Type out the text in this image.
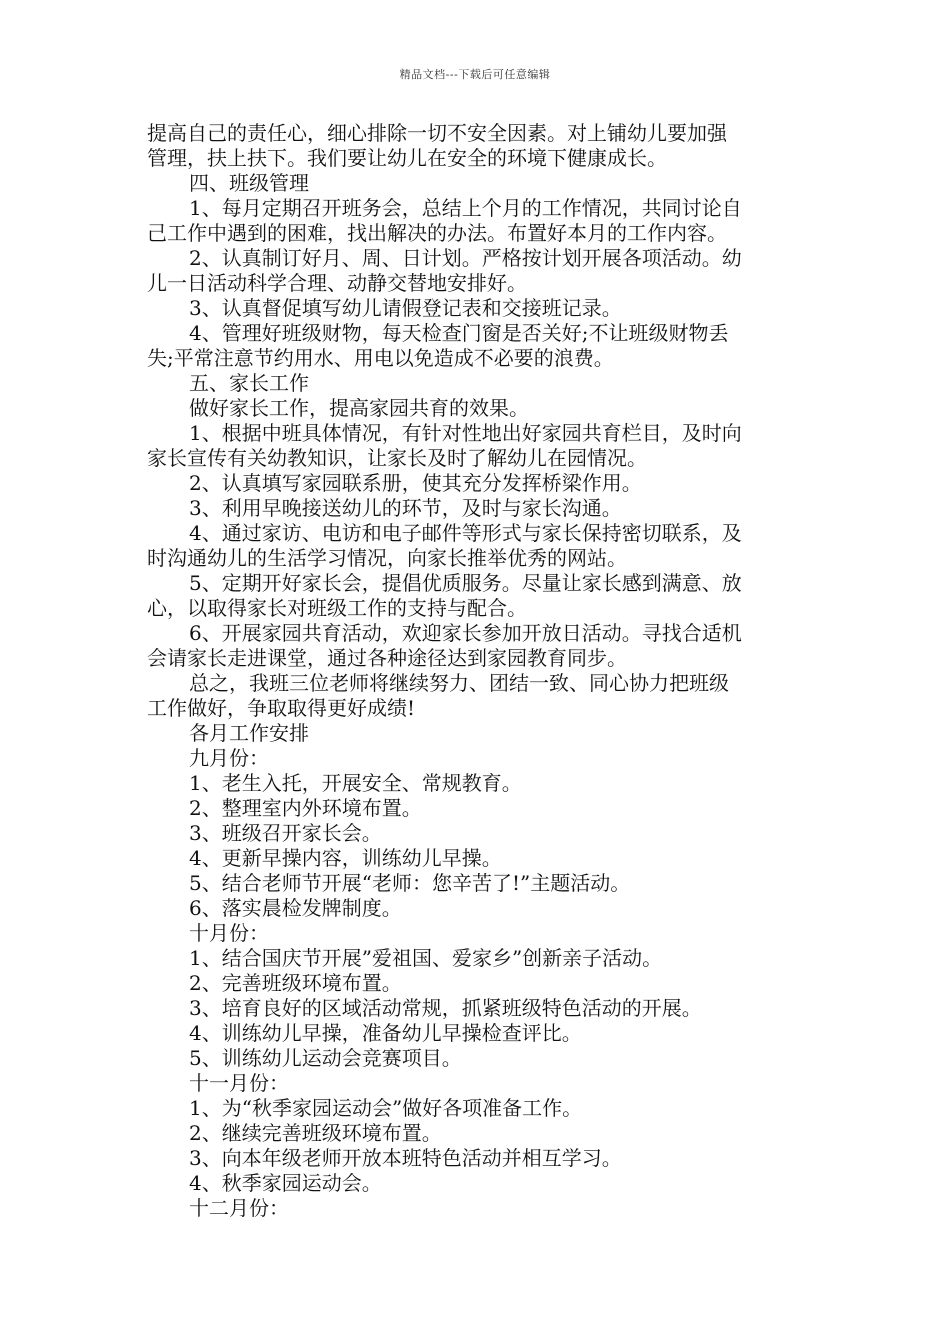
精品文档---下载后可任意编辑

提高自己的责任心，细心排除一切不安全因素。对上铺幼儿要加强

管理，扶上扶下。我们要让幼儿在安全的环境下健康成长。

四、班级管理

1、每月定期召开班务会，总结上个月的工作情况，共同讨论自

己工作中遇到的困难，找出解决的办法。布置好本月的工作内容。

2、认真制订好月、周、日计划。严格按计划开展各项活动。幼

儿一日活动科学合理、动静交替地安排好。

3、认真督促填写幼儿请假登记表和交接班记录。

4、管理好班级财物，每天检查门窗是否关好;不让班级财物丢

失;平常注意节约用水、用电以免造成不必要的浪费。

五、家长工作

做好家长工作，提高家园共育的效果。

1、根据中班具体情况，有针对性地出好家园共育栏目，及时向

家长宣传有关幼教知识，让家长及时了解幼儿在园情况。

2、认真填写家园联系册，使其充分发挥桥梁作用。

3、利用早晚接送幼儿的环节，及时与家长沟通。

4、通过家访、电访和电子邮件等形式与家长保持密切联系，及

时沟通幼儿的生活学习情况，向家长推举优秀的网站。

5、定期开好家长会，提倡优质服务。尽量让家长感到满意、放

心，以取得家长对班级工作的支持与配合。

6、开展家园共育活动，欢迎家长参加开放日活动。寻找合适机

会请家长走进课堂，通过各种途径达到家园教育同步。

总之，我班三位老师将继续努力、团结一致、同心协力把班级

工作做好，争取取得更好成绩!

各月工作安排

九月份：

1、老生入托，开展安全、常规教育。

2、整理室内外环境布置。

3、班级召开家长会。

4、更新早操内容，训练幼儿早操。

5、结合老师节开展“老师：您辛苦了!”主题活动。

6、落实晨检发牌制度。

十月份：

1、结合国庆节开展”爱祖国、爱家乡”创新亲子活动。

2、完善班级环境布置。

3、培育良好的区域活动常规，抓紧班级特色活动的开展。

4、训练幼儿早操，准备幼儿早操检查评比。

5、训练幼儿运动会竞赛项目。

十一月份：

1、为“秋季家园运动会”做好各项准备工作。

2、继续完善班级环境布置。

3、向本年级老师开放本班特色活动并相互学习。

4、秋季家园运动会。

十二月份：
